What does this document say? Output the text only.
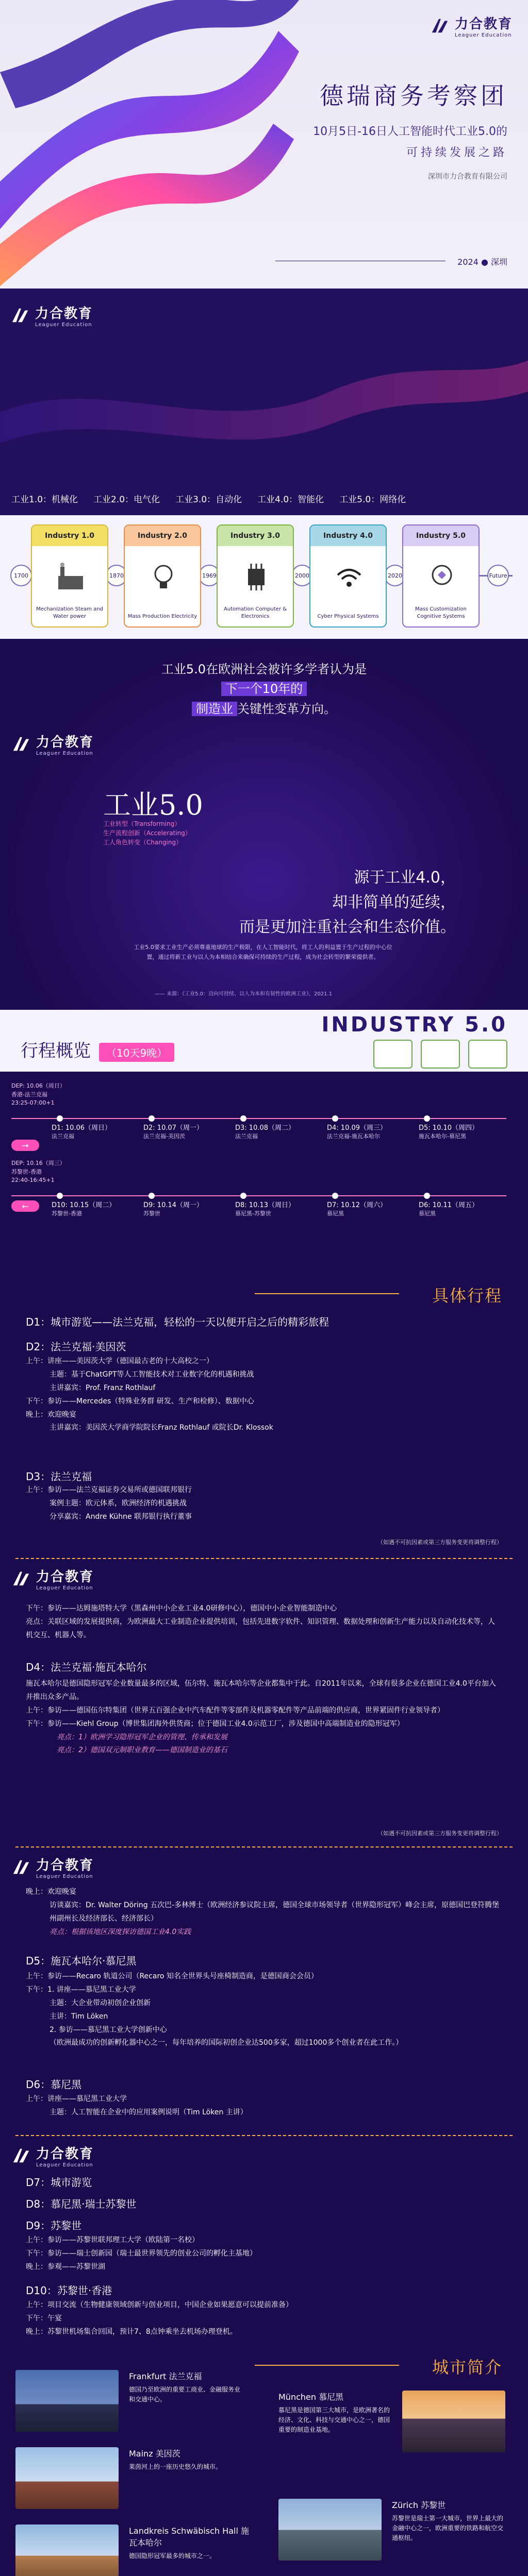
力合教育
Leaguer Education
德瑞商务考察团
10月5日-16日人工智能时代工业5.0的
可持续发展之路
深圳市力合教育有限公司
2024 ● 深圳
力合教育
Leaguer Education
工业1.0：机械化 工业2.0：电气化 工业3.0：自动化 工业4.0：智能化 工业5.0：网络化
1700	1870	1969	2000	2020	Future
Industry 1.0
Mechanization Steam and Water power
Industry 2.0
Mass Production Electricity
Industry 3.0
Automation Computer & Electronics
Industry 4.0
Cyber Physical Systems
Industry 5.0
Mass Customization Cognitive Systems
工业5.0在欧洲社会被许多学者认为是
下一个10年的
制造业 关键性变革方向。
力合教育
Leaguer Education
工业5.0
工业转型（Transforming）
生产流程创新（Accelerating）
工人角色转变（Changing）
源于工业4.0，
却非简单的延续，
而是更加注重社会和生态价值。
工业5.0要求工业生产必须尊重地球的生产极限，在人工智能时代，将工人的利益置于生产过程的中心位置，通过将新工业与以人为本相结合来确保可持续的生产过程，成为社会转型的繁荣提供者。
—— 来源：《工业5.0：迈向可持续、以人为本和有韧性的欧洲工业》，2021.1
行程概览 （10天9晚）
INDUSTRY 5.0
DEP: 10.06（周日）
香港-法兰克福
23:25-07:00+1
D1: 10.06（周日）
法兰克福
D2: 10.07（周一）
法兰克福-美因茨
D3: 10.08（周二）
法兰克福
D4: 10.09（周三）
法兰克福-施瓦本哈尔
D5: 10.10（周四）
施瓦本哈尔-慕尼黑
→
DEP: 10.16（周三）
苏黎世-香港
22:40-16:45+1
←	D10: 10.15（周二）
苏黎世-香港
D9: 10.14（周一）
苏黎世
D8: 10.13（周日）
慕尼黑-苏黎世
D7: 10.12（周六）
慕尼黑
D6: 10.11（周五）
慕尼黑
具体行程
D1：城市游览——法兰克福，轻松的一天以便开启之后的精彩旅程
D2：法兰克福·美因茨
上午：讲座——美因茨大学（德国最古老的十大高校之一）
主题：基于ChatGPT等人工智能技术对工业数字化的机遇和挑战
主讲嘉宾：Prof. Franz Rothlauf
下午：参访——Mercedes（特殊业务群 研发、生产和检修）、数据中心
晚上：欢迎晚宴
主讲嘉宾：美因茨大学商学院院长Franz Rothlauf 或院长Dr. Klossok
D3：法兰克福
上午：参访——法兰克福证券交易所或德国联邦银行
案例主题：欧元体系，欧洲经济的机遇挑战
分享嘉宾：Andre Kühne 联邦银行执行董事
（如遇不可抗因素或第三方服务变更将调整行程）
力合教育
Leaguer Education
下午：参访——达姆施塔特大学（黑森州中小企业工业4.0研修中心），德国中小企业智能制造中心
亮点：关联区域的发展提供商，为欧洲最大工业制造企业提供培训，包括先进数字软件、知识管理、数据处理和创新生产能力以及自动化技术等，人机交互、机器人等。
D4：法兰克福·施瓦本哈尔
施瓦本哈尔是德国隐形冠军企业数量最多的区域，伍尔特、施瓦本哈尔等企业都集中于此。自2011年以来，全球有很多企业在德国工业4.0平台加入并推出众多产品。
上午：参访——德国伍尔特集团（世界五百强企业中汽车配件等零部件及机器零配件等产品前端的供应商，世界紧固件行业领导者）
下午：参访——Kiehl Group（博世集团海外供货商；位于德国工业4.0示范工厂，涉及德国中高端制造业的隐形冠军）
亮点：1）欧洲学习隐形冠军企业的管理、传承和发展
亮点：2）德国双元制职业教育——德国制造业的基石
（如遇不可抗因素或第三方服务变更将调整行程）
力合教育
Leaguer Education
晚上：欢迎晚宴
访谈嘉宾：Dr. Walter Döring 五次巴-多林博士（欧洲经济参议院主席，德国全球市场领导者（世界隐形冠军）峰会主席，原德国巴登符腾堡州副州长及经济部长、经济部长）
亮点：根据该地区深度探访德国工业4.0实践
D5：施瓦本哈尔·慕尼黑
上午：参访——Recaro 轨道公司（Recaro 知名全世界头号座椅制造商，是德国商会会员）
下午：1. 讲座——慕尼黑工业大学
主题：大企业带动初创企业创新
主讲：Tim Löken
2. 参访——慕尼黑工业大学创新中心
（欧洲最成功的创新孵化器中心之一，每年培养的国际初创企业达500多家，超过1000多个创业者在此工作。）
D6：慕尼黑
上午：讲座——慕尼黑工业大学
主题：人工智能在企业中的应用案例说明（Tim Löken 主讲）
力合教育
Leaguer Education
D7：城市游览
D8：慕尼黑·瑞士苏黎世
D9：苏黎世
上午：参访——苏黎世联邦理工大学（欧陆第一名校）
下午：参访——瑞士创新园（瑞士最世界领先的创业公司的孵化主基地）
晚上：参观——苏黎世湖
D10：苏黎世·香港
上午：项目交流（生物健康领域创新与创业项目，中国企业如果愿意可以提前准备）
下午：午宴
晚上：苏黎世机场集合回国，预计7、8点钟乘坐去机场办理登机。
城市简介
Frankfurt 法兰克福
德国乃至欧洲的重要工商业、金融服务业和交通中心。
Mainz 美因茨
莱茵河上的一座历史悠久的城市。
Landkreis Schwäbisch Hall 施瓦本哈尔
德国隐形冠军最多的城市之一。
München 慕尼黑
慕尼黑是德国第三大城市，是欧洲著名的经济、文化、科技与交通中心之一，德国重要的制造业基地。
Zürich 苏黎世
苏黎世是瑞士第一大城市，世界上最大的金融中心之一，欧洲重要的铁路和航空交通枢纽。
